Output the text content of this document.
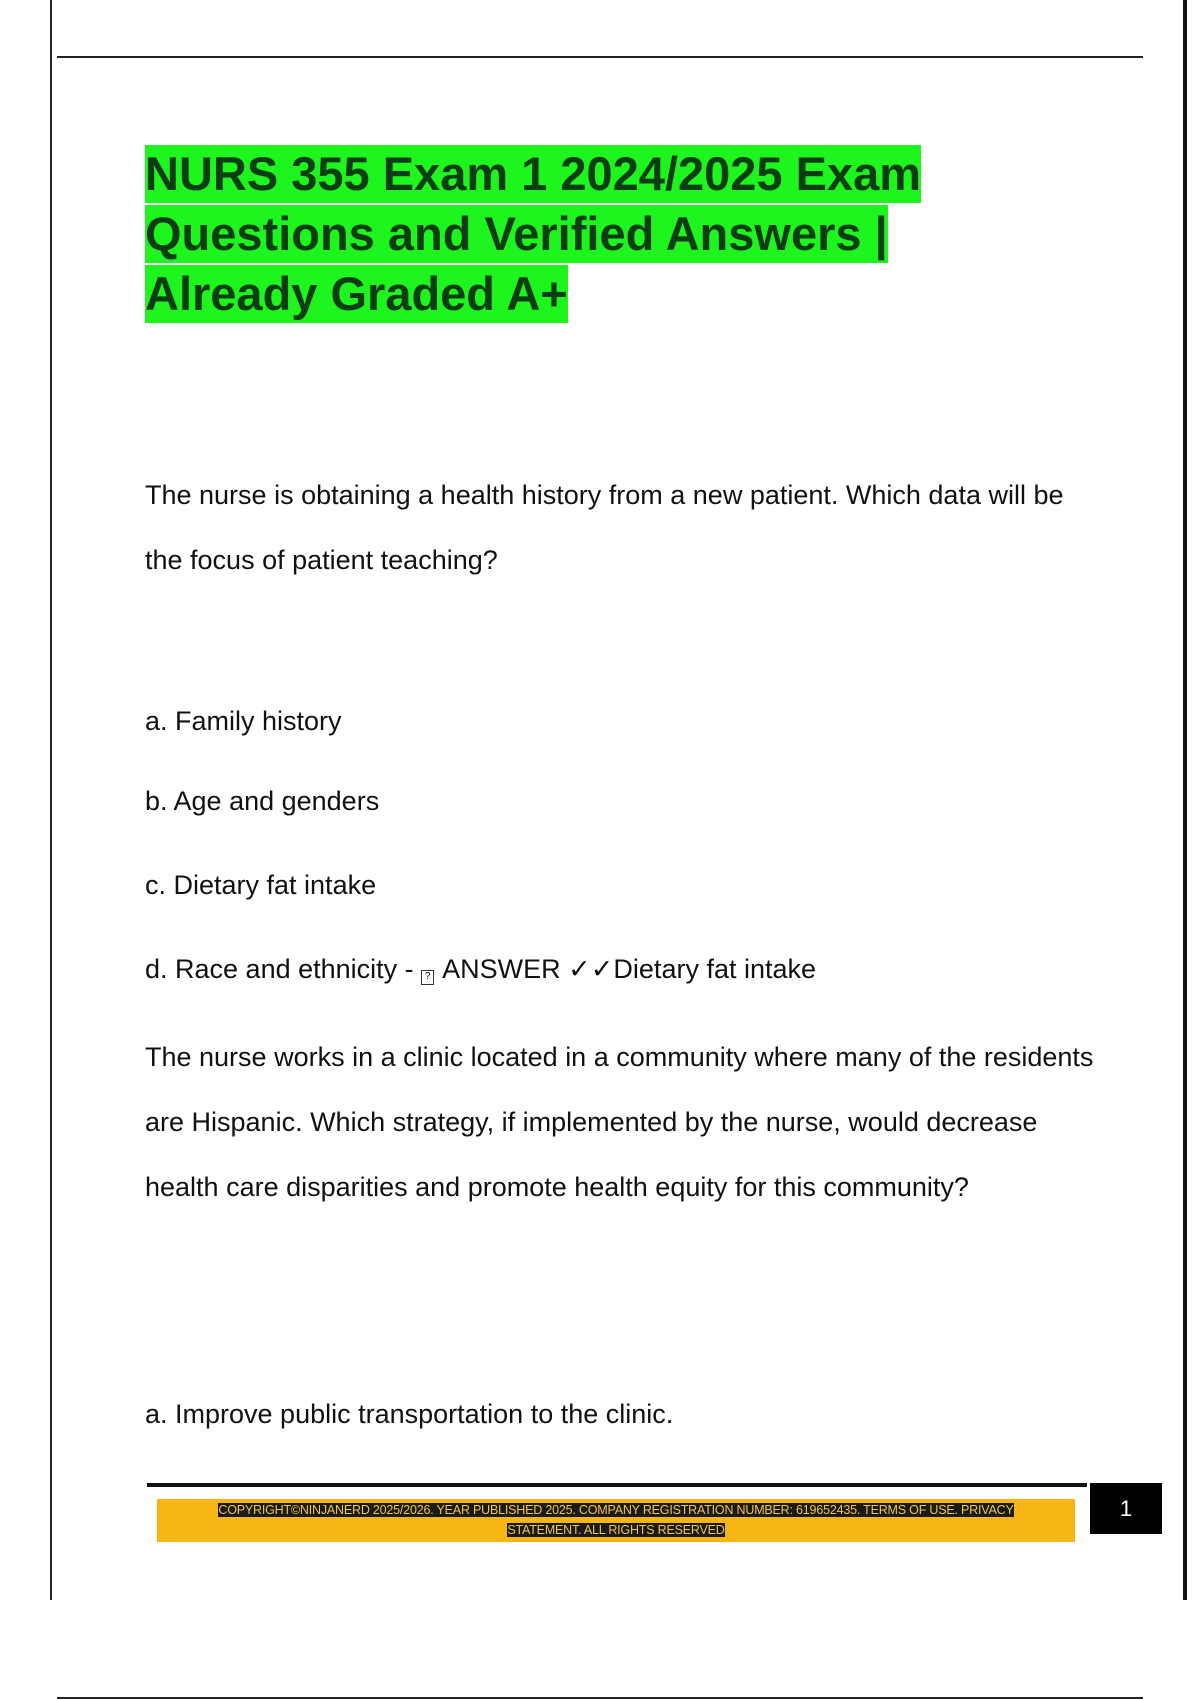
NURS 355 Exam 1 2024/2025 Exam
Questions and Verified Answers |
Already Graded A+

The nurse is obtaining a health history from a new patient. Which data will be the focus of patient teaching?

a. Family history

b. Age and genders

c. Dietary fat intake

d. Race and ethnicity - ? ANSWER ✓✓Dietary fat intake

The nurse works in a clinic located in a community where many of the residents are Hispanic. Which strategy, if implemented by the nurse, would decrease health care disparities and promote health equity for this community?

a. Improve public transportation to the clinic.

COPYRIGHT©NINJANERD 2025/2026. YEAR PUBLISHED 2025. COMPANY REGISTRATION NUMBER: 619652435. TERMS OF USE. PRIVACY
STATEMENT. ALL RIGHTS RESERVED
1
